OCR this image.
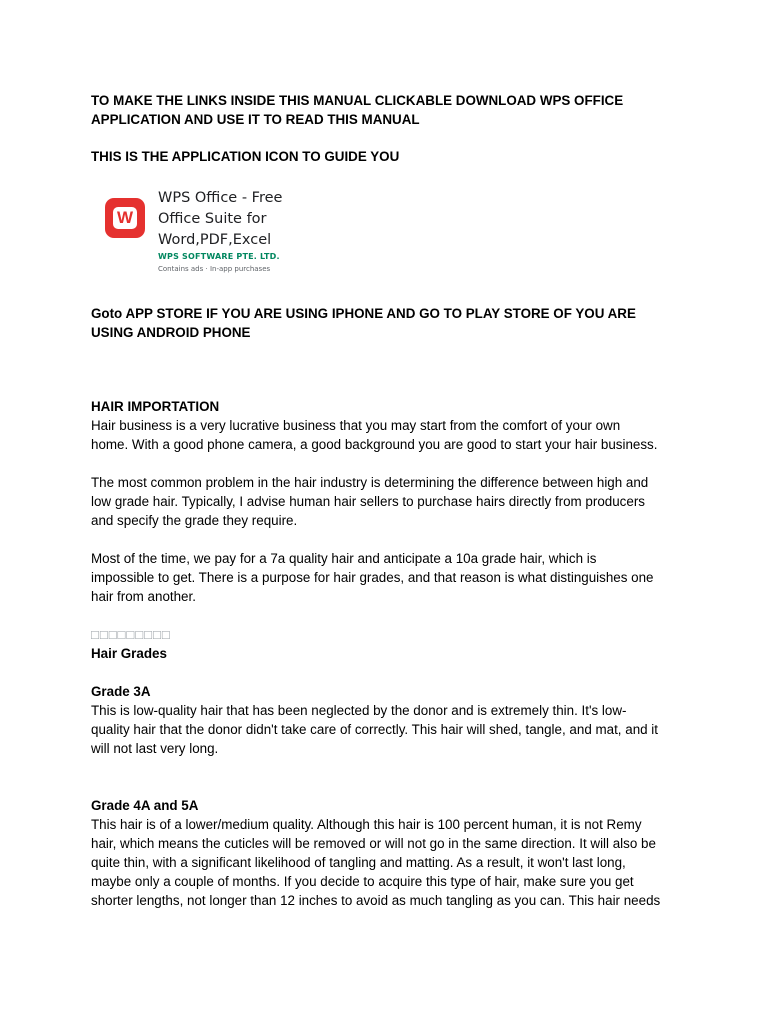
TO MAKE THE LINKS INSIDE THIS MANUAL CLICKABLE DOWNLOAD WPS OFFICE

APPLICATION AND USE IT TO READ THIS MANUAL

THIS IS THE APPLICATION ICON TO GUIDE YOU

W
WPS Office - Free
Office Suite for
Word,PDF,Excel
WPS SOFTWARE PTE. LTD.
Contains ads · In-app purchases

Goto APP STORE IF YOU ARE USING IPHONE AND GO TO PLAY STORE OF YOU ARE

USING ANDROID PHONE

HAIR IMPORTATION

Hair business is a very lucrative business that you may start from the comfort of your own

home. With a good phone camera, a good background you are good to start your hair business.

The most common problem in the hair industry is determining the difference between high and

low grade hair. Typically, I advise human hair sellers to purchase hairs directly from producers

and specify the grade they require.

Most of the time, we pay for a 7a quality hair and anticipate a 10a grade hair, which is

impossible to get. There is a purpose for hair grades, and that reason is what distinguishes one

hair from another.

□□□□□□□□□

Hair Grades

Grade 3A

This is low-quality hair that has been neglected by the donor and is extremely thin. It's low-

quality hair that the donor didn't take care of correctly. This hair will shed, tangle, and mat, and it

will not last very long.

Grade 4A and 5A

This hair is of a lower/medium quality. Although this hair is 100 percent human, it is not Remy

hair, which means the cuticles will be removed or will not go in the same direction. It will also be

quite thin, with a significant likelihood of tangling and matting. As a result, it won't last long,

maybe only a couple of months. If you decide to acquire this type of hair, make sure you get

shorter lengths, not longer than 12 inches to avoid as much tangling as you can. This hair needs
